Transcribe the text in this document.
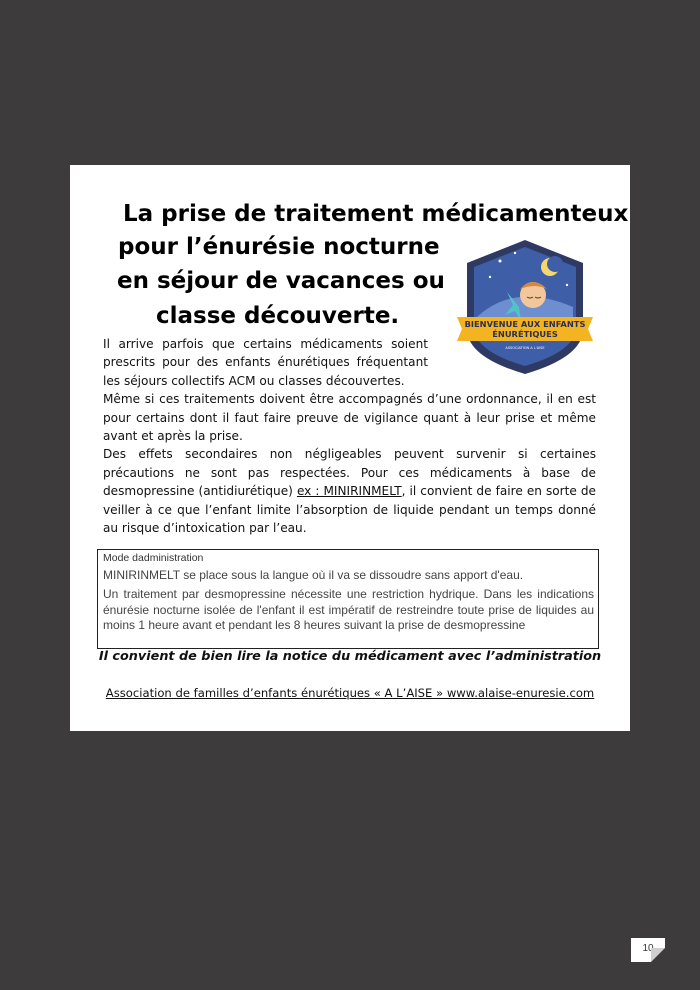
La prise de traitement médicamenteux
pour l’énurésie nocturne
en séjour de vacances ou
classe découverte.	BIENVENUE AUX ENFANTS
ÉNURÉTIQUES
ASSOCIATION A L'AISE

Il arrive parfois que certains médicaments soient prescrits pour des enfants énurétiques fréquentant les séjours collectifs ACM ou classes découvertes.

Même si ces traitements doivent être accompagnés d’une ordonnance, il en est pour certains dont il faut faire preuve de vigilance quant à leur prise et même avant et après la prise.

Des effets secondaires non négligeables peuvent survenir si certaines précautions ne sont pas respectées. Pour ces médicaments à base de desmopressine (antidiurétique) ex : MINIRINMELT, il convient de faire en sorte de veiller à ce que l’enfant limite l’absorption de liquide pendant un temps donné au risque d’intoxication par l’eau.

Mode dadministration
MINIRINMELT se place sous la langue où il va se dissoudre sans apport d'eau.
Un traitement par desmopressine nécessite une restriction hydrique. Dans les indications énurésie nocturne isolée de l'enfant il est impératif de restreindre toute prise de liquides au moins 1 heure avant et pendant les 8 heures suivant la prise de desmopressine
Il convient de bien lire la notice du médicament avec l’administration
Association de familles d’enfants énurétiques « A L’AISE » www.alaise-enuresie.com
10
